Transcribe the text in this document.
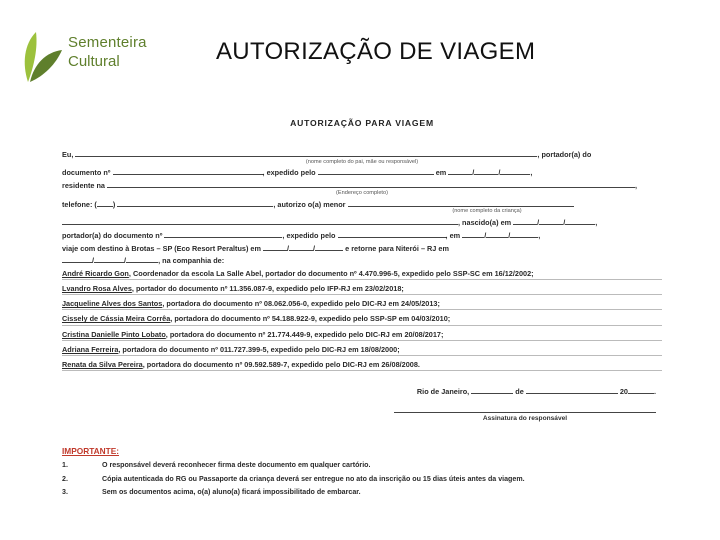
Sementeira
Cultural	AUTORIZAÇÃO DE VIAGEM
AUTORIZAÇÃO PARA VIAGEM
Eu,	, portador(a) do
(nome completo do pai, mãe ou responsável)
documento nº	, expedido pelo	em	/	/	,
residente na	,
(Endereço completo)
telefone: ( )	, autorizo o(a) menor
(nome completo da criança)
, nascido(a) em	/	/	,
portador(a) do documento nº	, expedido pelo	, em	/	/	,
viaje com destino à Brotas – SP (Eco Resort Peraltus) em	/	/	e retorne para Niterói – RJ em
/	/	, na companhia de:
André Ricardo Gon, Coordenador da escola La Salle Abel, portador do documento nº 4.470.996-5, expedido pelo SSP-SC em 16/12/2002;
Lvandro Rosa Alves, portador do documento nº 11.356.087-9, expedido pelo IFP-RJ em 23/02/2018;
Jacqueline Alves dos Santos, portadora do documento nº 08.062.056-0, expedido pelo DIC-RJ em 24/05/2013;
Cissely de Cássia Meira Corrêa, portadora do documento nº 54.188.922-9, expedido pelo SSP-SP em 04/03/2010;
Cristina Danielle Pinto Lobato, portadora do documento nº 21.774.449-9, expedido pelo DIC-RJ em 20/08/2017;
Adriana Ferreira, portadora do documento nº 011.727.399-5, expedido pelo DIC-RJ em 18/08/2000;
Renata da Silva Pereira, portadora do documento nº 09.592.589-7, expedido pelo DIC-RJ em 26/08/2008.
Rio de Janeiro,	de	20	.
Assinatura do responsável
IMPORTANTE:
1.	O responsável deverá reconhecer firma deste documento em qualquer cartório.
2.	Cópia autenticada do RG ou Passaporte da criança deverá ser entregue no ato da inscrição ou 15 dias úteis antes da viagem.
3.	Sem os documentos acima, o(a) aluno(a) ficará impossibilitado de embarcar.
